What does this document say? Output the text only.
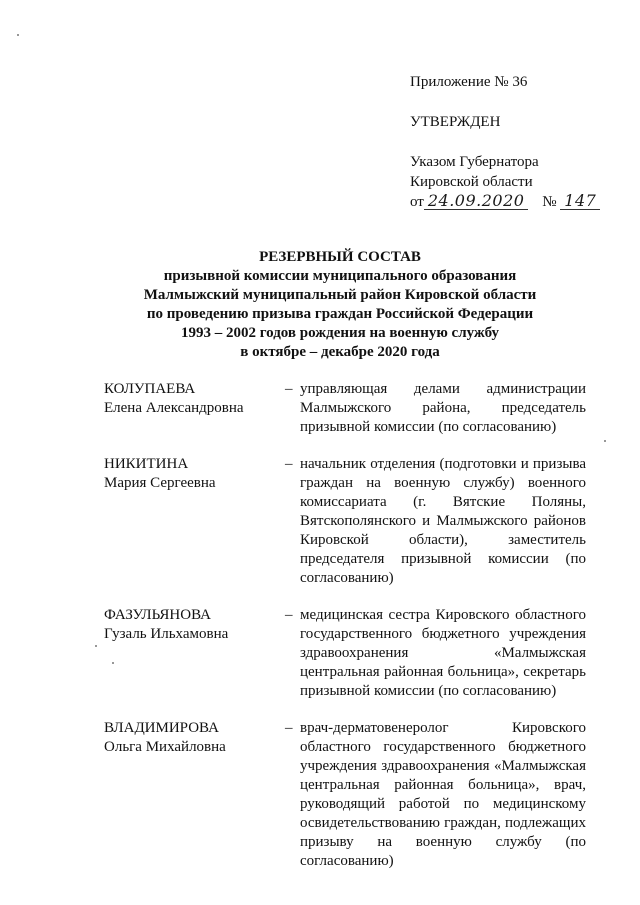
Приложение № 36
УТВЕРЖДЕН
Указом Губернатора
Кировской области
от 24.09.2020 № 147
РЕЗЕРВНЫЙ СОСТАВ
призывной комиссии муниципального образования
Малмыжский муниципальный район Кировской области
по проведению призыва граждан Российской Федерации
1993 – 2002 годов рождения на военную службу
в октябре – декабре 2020 года
КОЛУПАЕВА
Елена Александровна
– управляющая делами администрации Малмыжского района, председатель призывной комиссии (по согласованию)
НИКИТИНА
Мария Сергеевна
– начальник отделения (подготовки и призыва граждан на военную службу) военного комиссариата (г. Вятские Поляны, Вятскополянского и Малмыжского районов Кировской области), заместитель председателя призывной комиссии (по согласованию)
ФАЗУЛЬЯНОВА
Гузаль Ильхамовна
– медицинская сестра Кировского областного государственного бюджетного учреждения здравоохранения «Малмыжская центральная районная больница», секретарь призывной комиссии (по согласованию)
ВЛАДИМИРОВА
Ольга Михайловна
– врач-дерматовенеролог Кировского областного государственного бюджетного учреждения здравоохранения «Малмыжская центральная районная больница», врач, руководящий работой по медицинскому освидетельствованию граждан, подлежащих призыву на военную службу (по согласованию)
